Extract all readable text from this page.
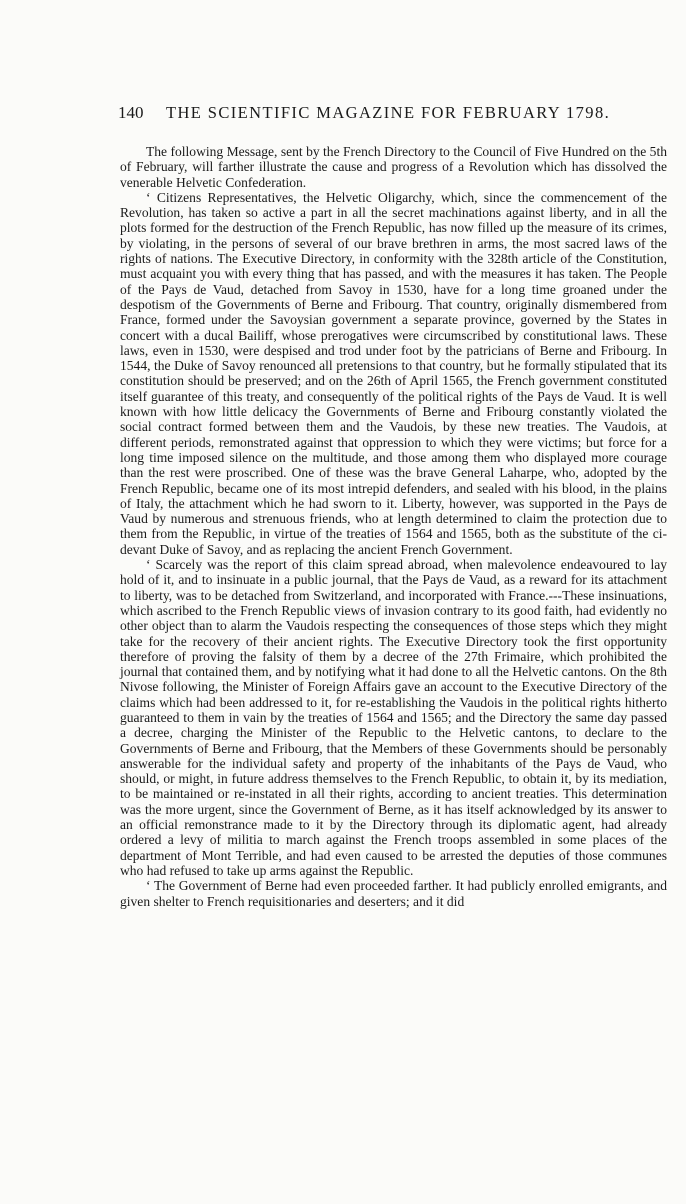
140	THE SCIENTIFIC MAGAZINE FOR FEBRUARY 1798.

The following Message, sent by the French Directory to the Council of Five Hundred on the 5th of February, will farther illustrate the cause and progress of a Revolution which has dissolved the venerable Helvetic Confederation.

‘ Citizens Representatives, the Helvetic Oligarchy, which, since the commencement of the Revolution, has taken so active a part in all the secret machinations against liberty, and in all the plots formed for the destruction of the French Republic, has now filled up the measure of its crimes, by violating, in the persons of several of our brave brethren in arms, the most sacred laws of the rights of nations. The Executive Directory, in conformity with the 328th article of the Constitution, must acquaint you with every thing that has passed, and with the measures it has taken. The People of the Pays de Vaud, detached from Savoy in 1530, have for a long time groaned under the despotism of the Governments of Berne and Fribourg. That country, originally dismembered from France, formed under the Savoysian government a separate province, governed by the States in concert with a ducal Bailiff, whose prerogatives were circumscribed by constitutional laws. These laws, even in 1530, were despised and trod under foot by the patricians of Berne and Fribourg. In 1544, the Duke of Savoy renounced all pretensions to that country, but he formally stipulated that its constitution should be preserved; and on the 26th of April 1565, the French government constituted itself guarantee of this treaty, and consequently of the political rights of the Pays de Vaud. It is well known with how little delicacy the Governments of Berne and Fribourg constantly violated the social contract formed between them and the Vaudois, by these new treaties. The Vaudois, at different periods, remonstrated against that oppression to which they were victims; but force for a long time imposed silence on the multitude, and those among them who displayed more courage than the rest were proscribed. One of these was the brave General Laharpe, who, adopted by the French Republic, became one of its most intrepid defenders, and sealed with his blood, in the plains of Italy, the attachment which he had sworn to it. Liberty, however, was supported in the Pays de Vaud by numerous and strenuous friends, who at length determined to claim the protection due to them from the Republic, in virtue of the treaties of 1564 and 1565, both as the substitute of the ci-devant Duke of Savoy, and as replacing the ancient French Government.

‘ Scarcely was the report of this claim spread abroad, when malevolence endeavoured to lay hold of it, and to insinuate in a public journal, that the Pays de Vaud, as a reward for its attachment to liberty, was to be detached from Switzerland, and incorporated with France.---These insinuations, which ascribed to the French Republic views of invasion contrary to its good faith, had evidently no other object than to alarm the Vaudois respecting the consequences of those steps which they might take for the recovery of their ancient rights. The Executive Directory took the first opportunity therefore of proving the falsity of them by a decree of the 27th Frimaire, which prohibited the journal that contained them, and by notifying what it had done to all the Helvetic cantons. On the 8th Nivose following, the Minister of Foreign Affairs gave an account to the Executive Directory of the claims which had been addressed to it, for re-establishing the Vaudois in the political rights hitherto guaranteed to them in vain by the treaties of 1564 and 1565; and the Directory the same day passed a decree, charging the Minister of the Republic to the Helvetic cantons, to declare to the Governments of Berne and Fribourg, that the Members of these Governments should be personably answerable for the individual safety and property of the inhabitants of the Pays de Vaud, who should, or might, in future address themselves to the French Republic, to obtain it, by its mediation, to be maintained or re-instated in all their rights, according to ancient treaties. This determination was the more urgent, since the Government of Berne, as it has itself acknowledged by its answer to an official remonstrance made to it by the Directory through its diplomatic agent, had already ordered a levy of militia to march against the French troops assembled in some places of the department of Mont Terrible, and had even caused to be arrested the deputies of those communes who had refused to take up arms against the Republic.

‘ The Government of Berne had even proceeded farther. It had publicly enrolled emigrants, and given shelter to French requisitionaries and deserters; and it did
